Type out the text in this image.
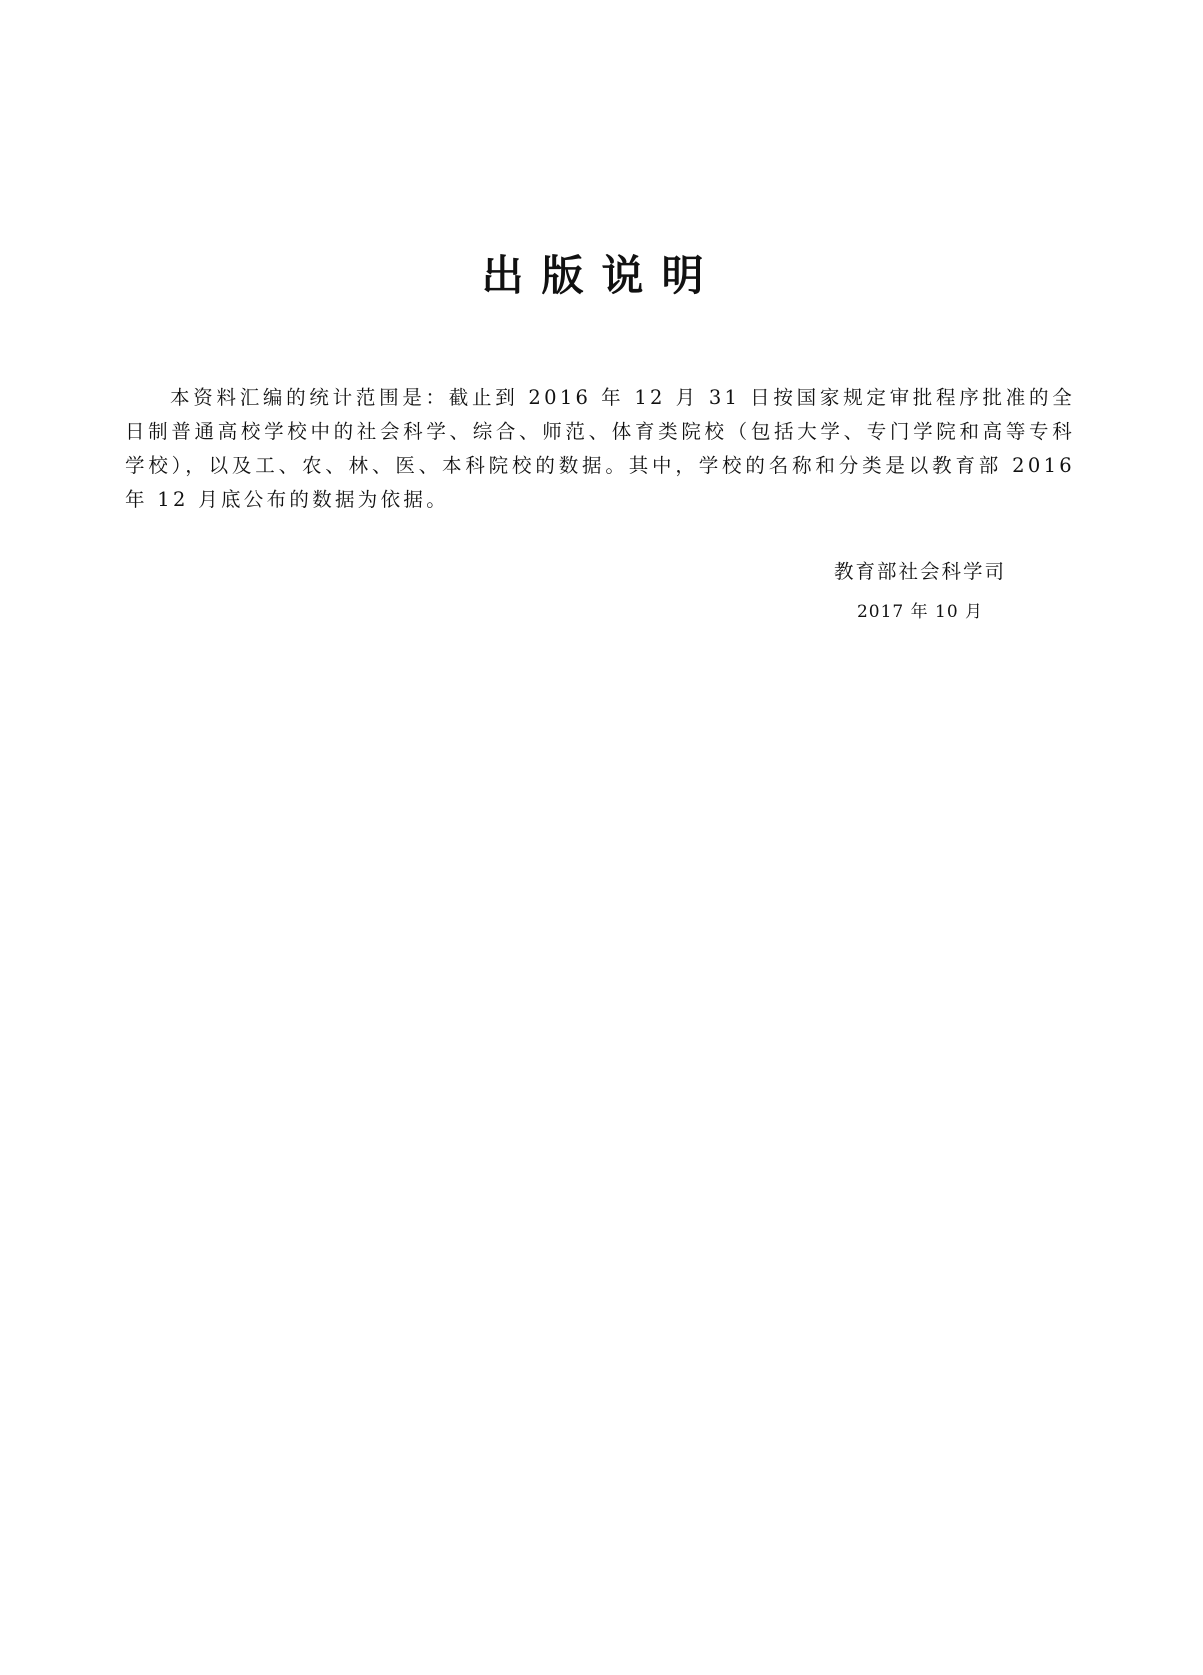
出版说明

本资料汇编的统计范围是：截止到 2016 年 12 月 31 日按国家规定审批程序批准的全日制普通高校学校中的社会科学、综合、师范、体育类院校（包括大学、专门学院和高等专科学校），以及工、农、林、医、本科院校的数据。其中，学校的名称和分类是以教育部 2016 年 12 月底公布的数据为依据。

教育部社会科学司
2017 年 10 月
